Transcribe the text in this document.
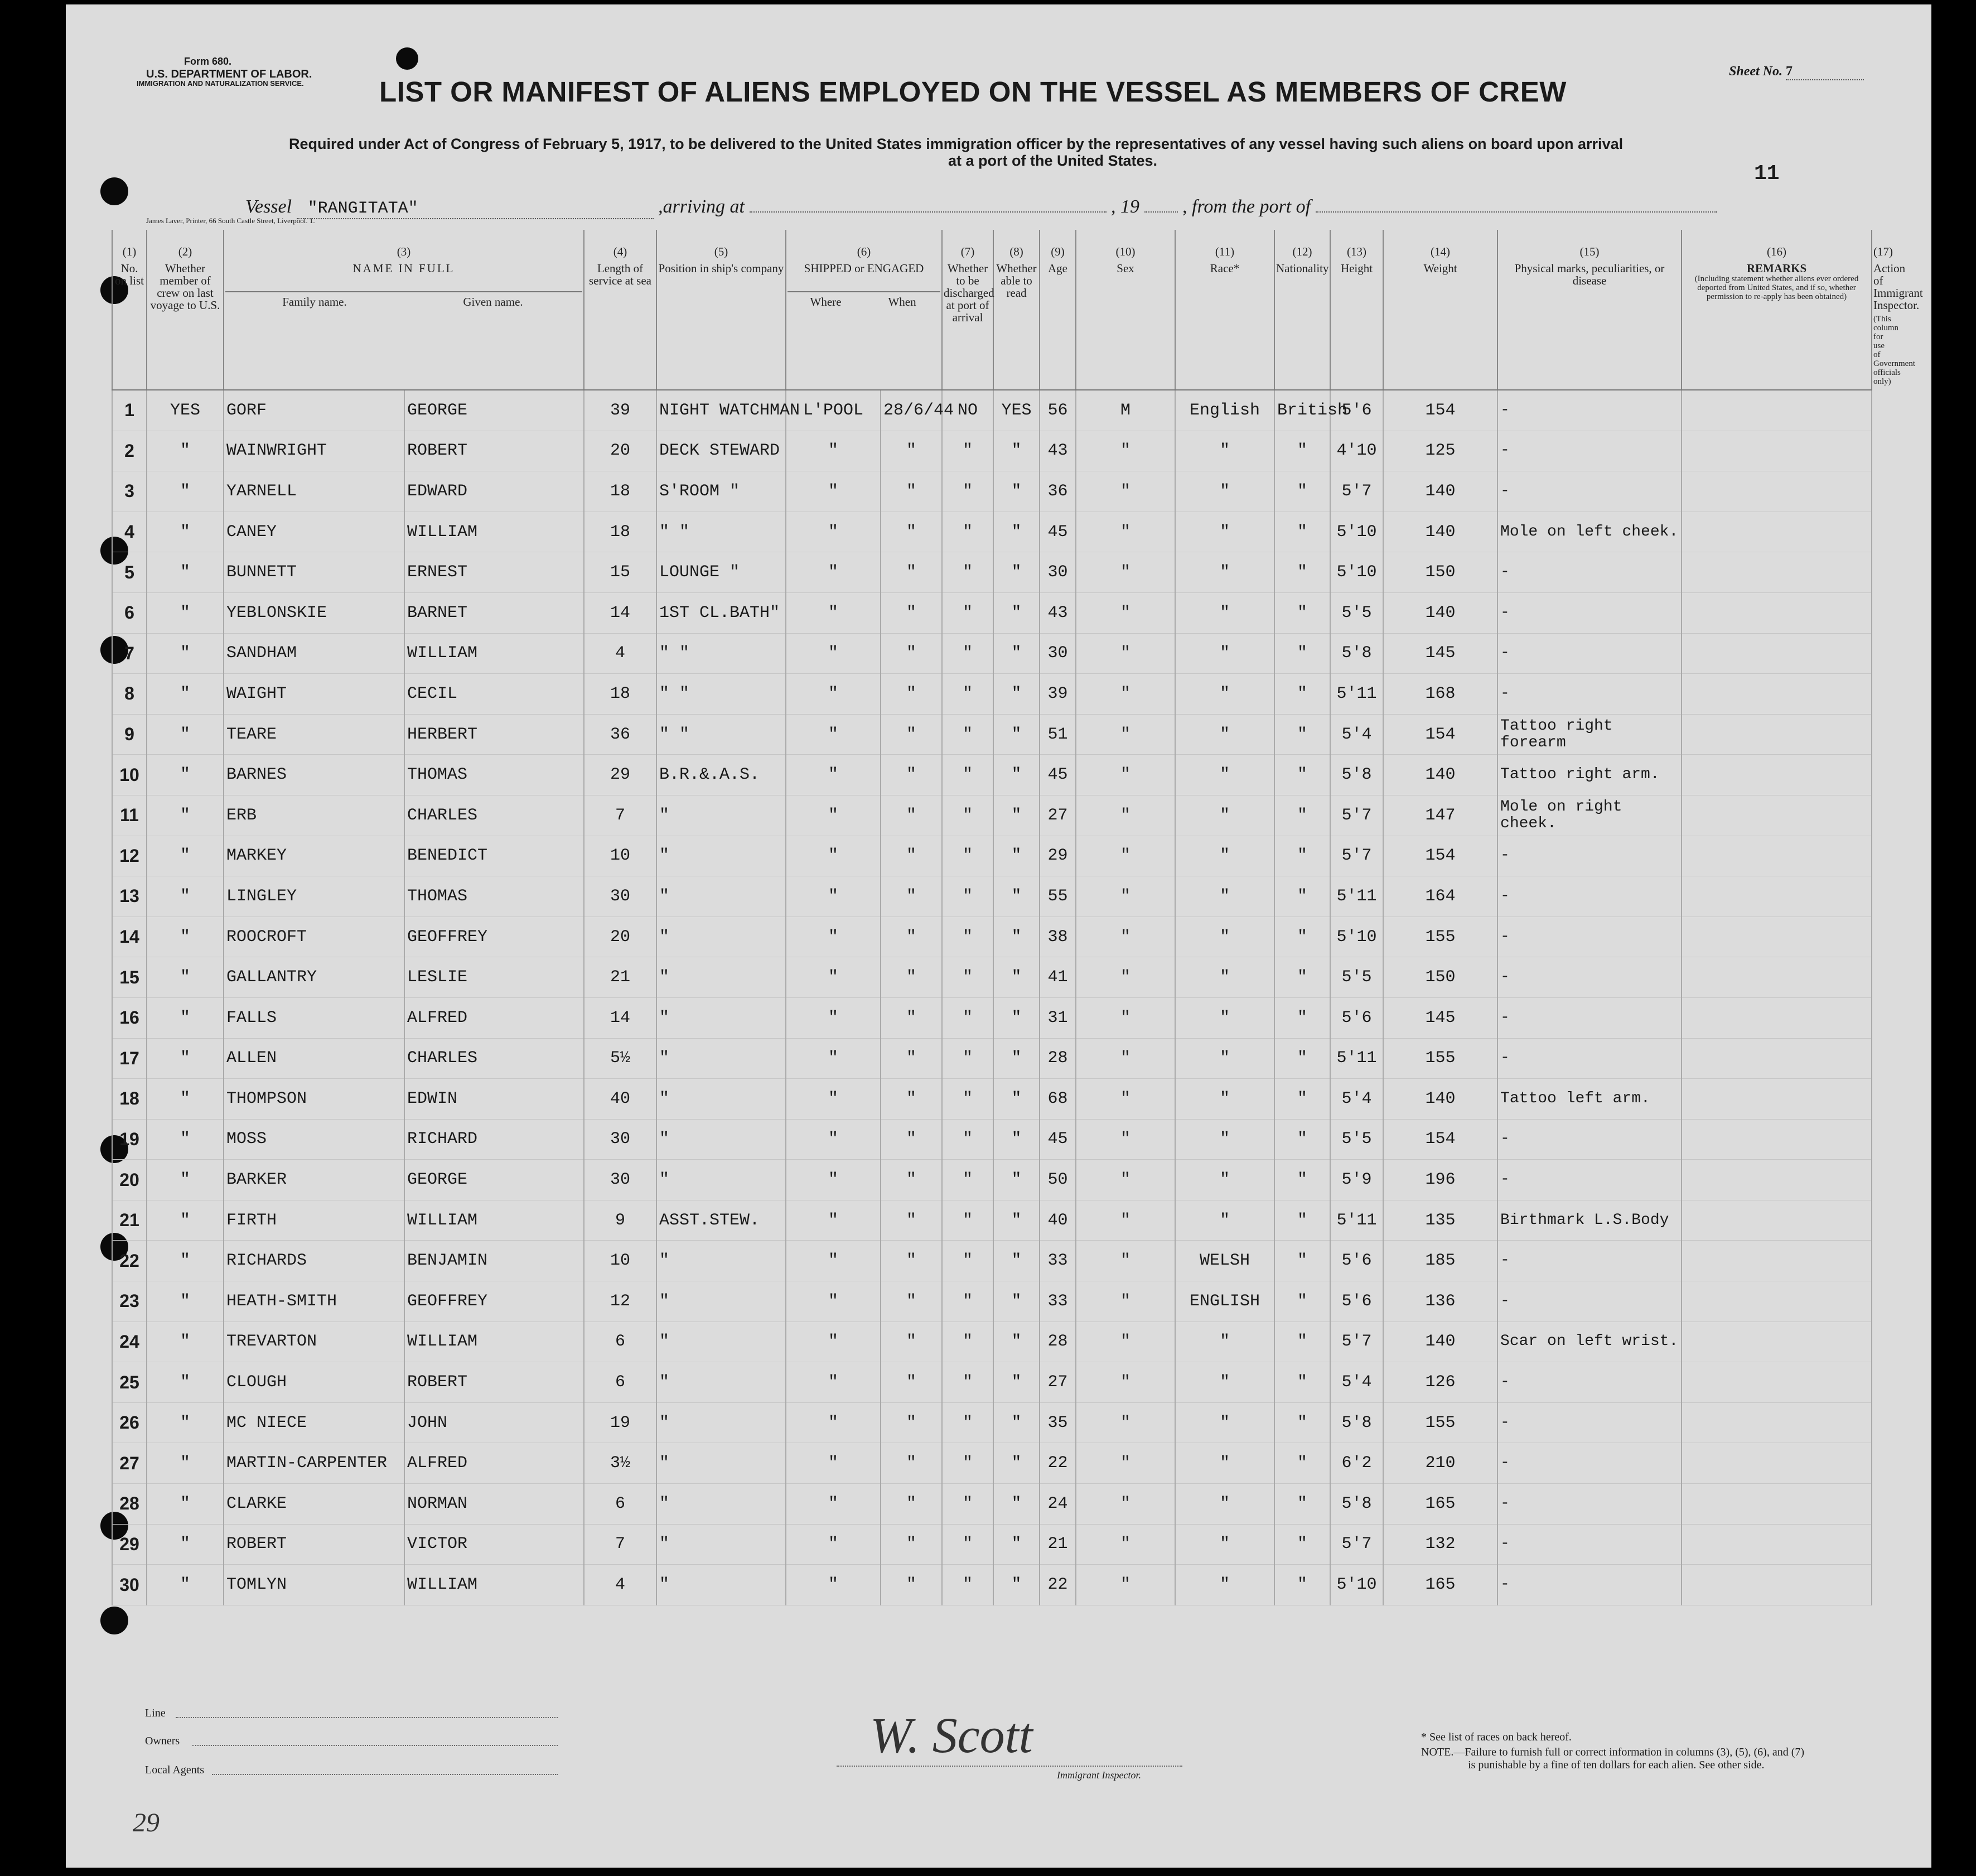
Form 680.
U.S. DEPARTMENT OF LABOR.
IMMIGRATION AND NATURALIZATION SERVICE.	LIST OR MANIFEST OF ALIENS EMPLOYED ON THE VESSEL AS MEMBERS OF CREW
Sheet No. 7
Required under Act of Congress of February 5, 1917, to be delivered to the United States immigration officer by the representatives of any vessel having such aliens on board upon arrival
at a port of the United States.
11
Vessel "RANGITATA"	,arriving at	, 19 , from the port of
James Laver, Printer, 66 South Castle Street, Liverpool. 1.
(1)
No. on list	(2)
Whether member of crew on last voyage to U.S.	(3)
NAME IN FULL
Family name. Given name.		(4)
Length of service at sea	(5)
Position in ship's company	(6)
SHIPPED or ENGAGED
Where When		(7)
Whether to be discharged at port of arrival	(8)
Whether able to read	(9)
Age	(10)
Sex	(11)
Race*	(12)
Nationality	(13)
Height	(14)
Weight	(15)
Physical marks, peculiarities, or disease	(16)
REMARKS
(Including statement whether aliens ever ordered deported from United States, and if so, whether permission to re-apply has been obtained)	Action of Immigrant Inspector.

1	YES	GORF	GEORGE	39	NIGHT WATCHMAN	L'POOL	28/6/44	NO	YES	56	M	English	British	5'6	154	-		
2	"	WAINWRIGHT	ROBERT	20	DECK STEWARD	"	"	"	"	43	"	"	"	4'10	125	-		
3	"	YARNELL	EDWARD	18	S'ROOM "	"	"	"	"	36	"	"	"	5'7	140	-		
4	"	CANEY	WILLIAM	18	" "	"	"	"	"	45	"	"	"	5'10	140	Mole on left cheek.		
5	"	BUNNETT	ERNEST	15	LOUNGE "	"	"	"	"	30	"	"	"	5'10	150	-		
6	"	YEBLONSKIE	BARNET	14	1ST CL.BATH"	"	"	"	"	43	"	"	"	5'5	140	-		
7	"	SANDHAM	WILLIAM	4	" "	"	"	"	"	30	"	"	"	5'8	145	-		
8	"	WAIGHT	CECIL	18	" "	"	"	"	"	39	"	"	"	5'11	168	-		
9	"	TEARE	HERBERT	36	" "	"	"	"	"	51	"	"	"	5'4	154	Tattoo right forearm		
10	"	BARNES	THOMAS	29	B.R.&.A.S.	"	"	"	"	45	"	"	"	5'8	140	Tattoo right arm.		
11	"	ERB	CHARLES	7	"	"	"	"	"	27	"	"	"	5'7	147	Mole on right cheek.		
12	"	MARKEY	BENEDICT	10	"	"	"	"	"	29	"	"	"	5'7	154	-		
13	"	LINGLEY	THOMAS	30	"	"	"	"	"	55	"	"	"	5'11	164	-		
14	"	ROOCROFT	GEOFFREY	20	"	"	"	"	"	38	"	"	"	5'10	155	-		
15	"	GALLANTRY	LESLIE	21	"	"	"	"	"	41	"	"	"	5'5	150	-		
16	"	FALLS	ALFRED	14	"	"	"	"	"	31	"	"	"	5'6	145	-		
17	"	ALLEN	CHARLES	5½	"	"	"	"	"	28	"	"	"	5'11	155	-		
18	"	THOMPSON	EDWIN	40	"	"	"	"	"	68	"	"	"	5'4	140	Tattoo left arm.		
19	"	MOSS	RICHARD	30	"	"	"	"	"	45	"	"	"	5'5	154	-		
20	"	BARKER	GEORGE	30	"	"	"	"	"	50	"	"	"	5'9	196	-		
21	"	FIRTH	WILLIAM	9	ASST.STEW.	"	"	"	"	40	"	"	"	5'11	135	Birthmark L.S.Body		
22	"	RICHARDS	BENJAMIN	10	"	"	"	"	"	33	"	WELSH	"	5'6	185	-		
23	"	HEATH-SMITH	GEOFFREY	12	"	"	"	"	"	33	"	ENGLISH	"	5'6	136	-		
24	"	TREVARTON	WILLIAM	6	"	"	"	"	"	28	"	"	"	5'7	140	Scar on left wrist.		
25	"	CLOUGH	ROBERT	6	"	"	"	"	"	27	"	"	"	5'4	126	-		
26	"	MC NIECE	JOHN	19	"	"	"	"	"	35	"	"	"	5'8	155	-		
27	"	MARTIN-CARPENTER	ALFRED	3½	"	"	"	"	"	22	"	"	"	6'2	210	-		
28	"	CLARKE	NORMAN	6	"	"	"	"	"	24	"	"	"	5'8	165	-		
29	"	ROBERT	VICTOR	7	"	"	"	"	"	21	"	"	"	5'7	132	-		
30	"	TOMLYN	WILLIAM	4	"	"	"	"	"	22	"	"	"	5'10	165	-		
Line
Owners
Local Agents
W. Scott
Immigrant Inspector.
* See list of races on back hereof.
NOTE.—Failure to furnish full or correct information in columns (3), (5), (6), and (7)
is punishable by a fine of ten dollars for each alien. See other side.
29
